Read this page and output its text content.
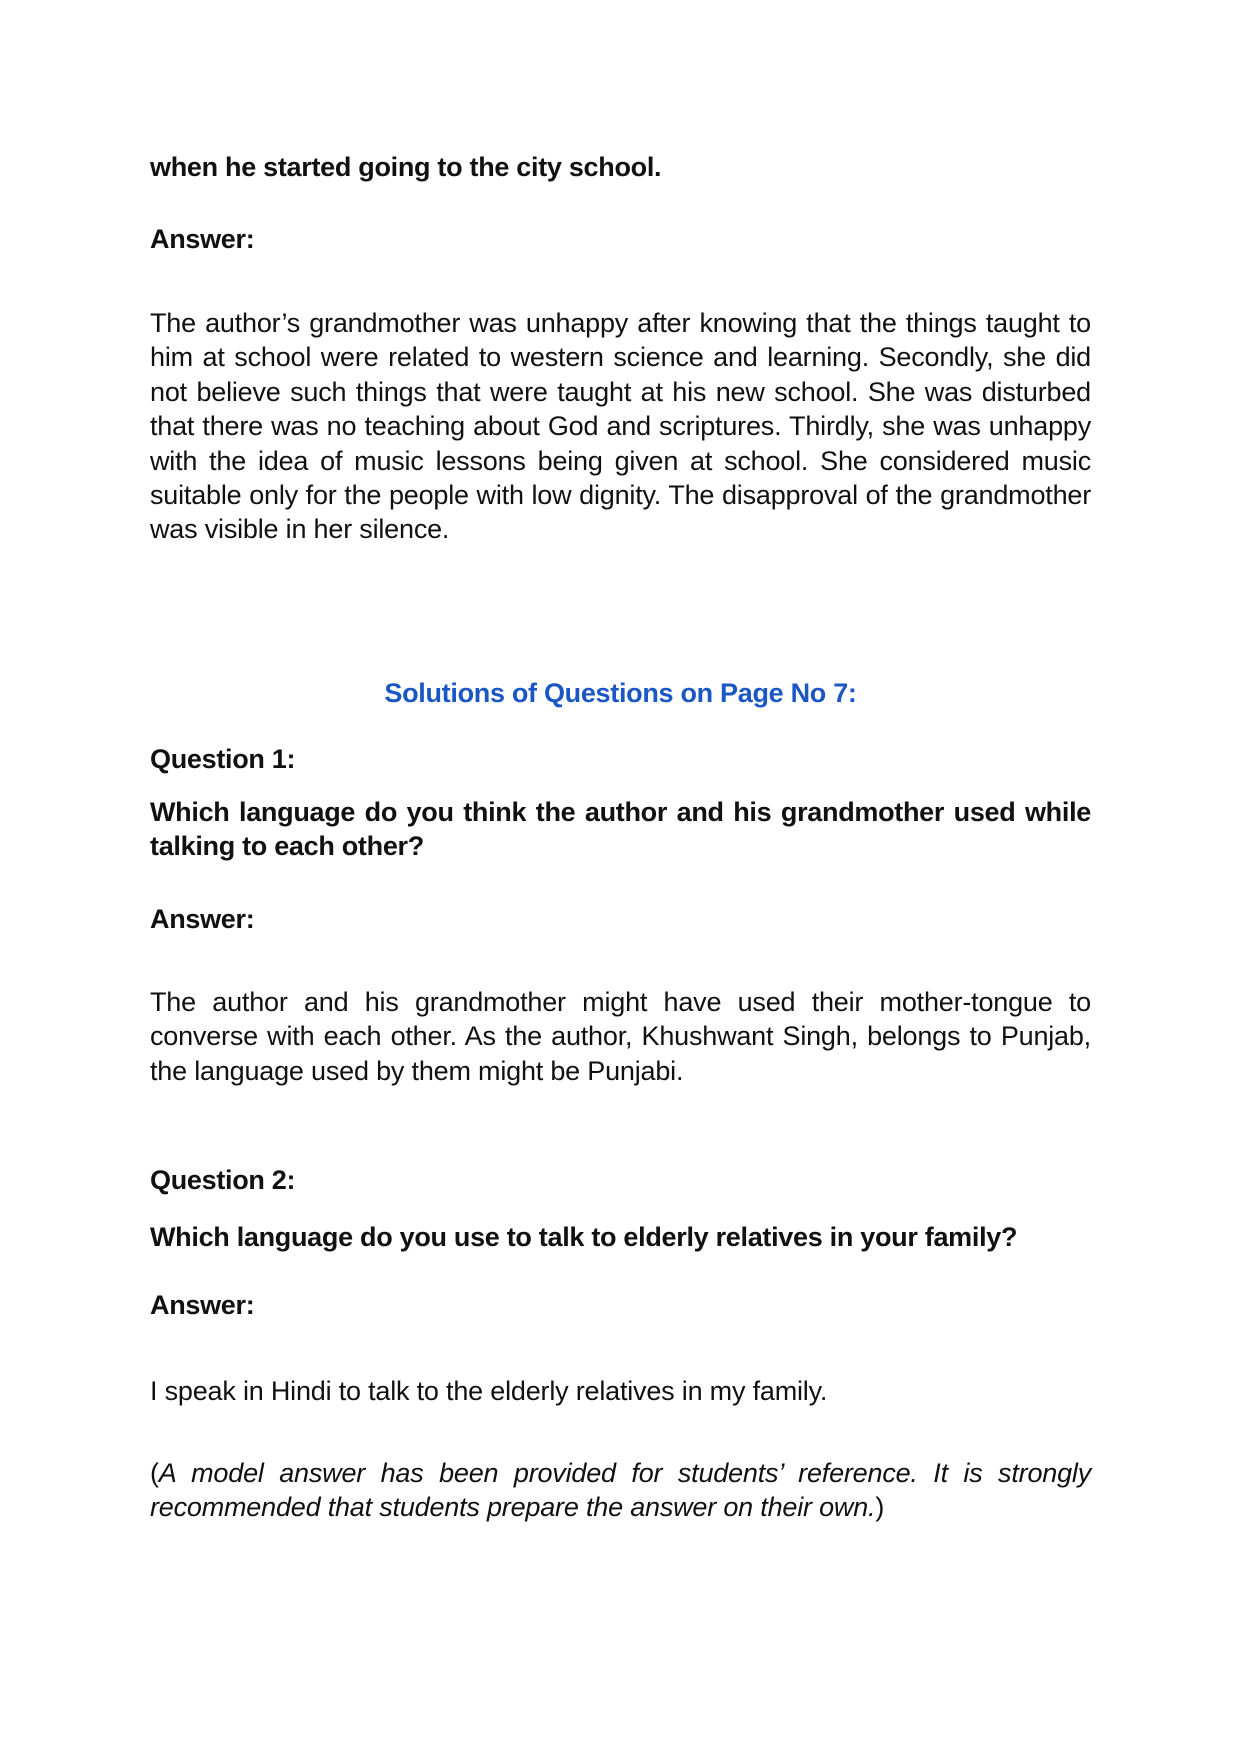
when he started going to the city school.

Answer:

The author’s grandmother was unhappy after knowing that the things taught to him at school were related to western science and learning. Secondly, she did not believe such things that were taught at his new school. She was disturbed that there was no teaching about God and scriptures. Thirdly, she was unhappy with the idea of music lessons being given at school. She considered music suitable only for the people with low dignity. The disapproval of the grandmother was visible in her silence.

Solutions of Questions on Page No 7:

Question 1:

Which language do you think the author and his grandmother used while talking to each other?

Answer:

The author and his grandmother might have used their mother-tongue to converse with each other. As the author, Khushwant Singh, belongs to Punjab, the language used by them might be Punjabi.

Question 2:

Which language do you use to talk to elderly relatives in your family?

Answer:

I speak in Hindi to talk to the elderly relatives in my family.

(A model answer has been provided for students’ reference. It is strongly recommended that students prepare the answer on their own.)
